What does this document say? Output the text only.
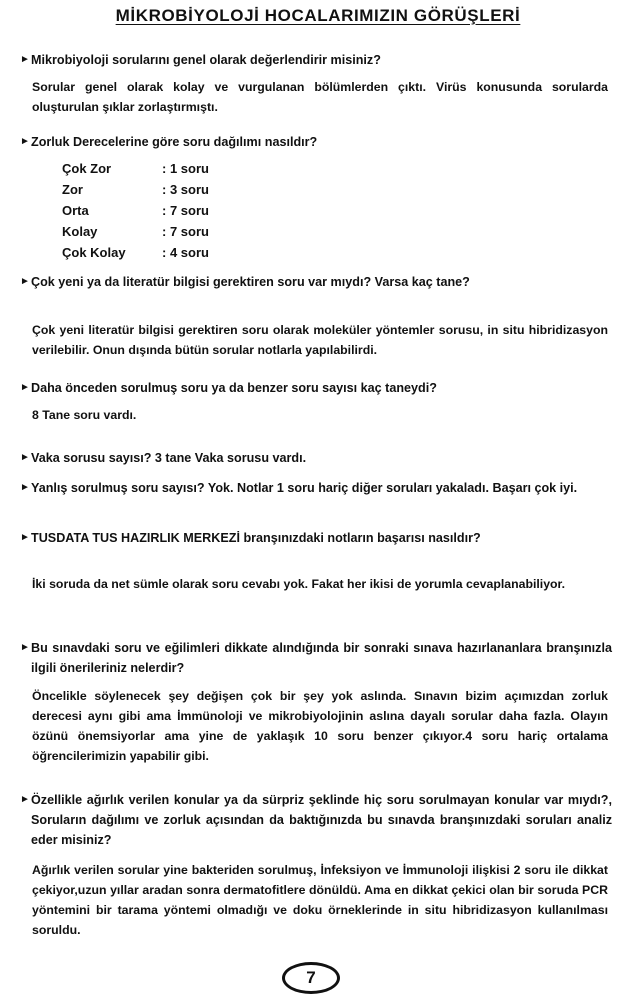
MİKROBİYOLOJİ HOCALARIMIZIN GÖRÜŞLERİ
► Mikrobiyoloji sorularını genel olarak değerlendirir misiniz?

Sorular genel olarak kolay ve vurgulanan bölümlerden çıktı. Virüs konusunda sorularda oluşturulan şıklar zorlaştırmıştı.

► Zorluk Derecelerine göre soru dağılımı nasıldır?
Çok Zor	: 1 soru
Zor	: 3 soru
Orta	: 7 soru
Kolay	: 7 soru
Çok Kolay	: 4 soru
► Çok yeni ya da literatür bilgisi gerektiren soru var mıydı? Varsa kaç tane?

Çok yeni literatür bilgisi gerektiren soru olarak moleküler yöntemler sorusu, in situ hibridizasyon verilebilir. Onun dışında bütün sorular notlarla yapılabilirdi.

► Daha önceden sorulmuş soru ya da benzer soru sayısı kaç taneydi?

8 Tane soru vardı.

► Vaka sorusu sayısı? 3 tane Vaka sorusu vardı.
► Yanlış sorulmuş soru sayısı? Yok. Notlar 1 soru hariç diğer soruları yakaladı. Başarı çok iyi.
► TUSDATA TUS HAZIRLIK MERKEZİ branşınızdaki notların başarısı nasıldır?

İki soruda da net sümle olarak soru cevabı yok. Fakat her ikisi de yorumla cevaplanabiliyor.

► Bu sınavdaki soru ve eğilimleri dikkate alındığında bir sonraki sınava hazırlananlara branşınızla ilgili önerileriniz nelerdir?

Öncelikle söylenecek şey değişen çok bir şey yok aslında. Sınavın bizim açımızdan zorluk derecesi aynı gibi ama İmmünoloji ve mikrobiyolojinin aslına dayalı sorular daha fazla. Olayın özünü önemsiyorlar ama yine de yaklaşık 10 soru benzer çıkıyor.4 soru hariç ortalama öğrencilerimizin yapabilir gibi.

► Özellikle ağırlık verilen konular ya da sürpriz şeklinde hiç soru sorulmayan konular var mıydı?, Soruların dağılımı ve zorluk açısından da baktığınızda bu sınavda branşınızdaki soruları analiz eder misiniz?

Ağırlık verilen sorular yine bakteriden sorulmuş, İnfeksiyon ve İmmunoloji ilişkisi 2 soru ile dikkat çekiyor,uzun yıllar aradan sonra dermatofitlere dönüldü. Ama en dikkat çekici olan bir soruda PCR yöntemini bir tarama yöntemi olmadığı ve doku örneklerinde in situ hibridizasyon kullanılması soruldu.

7
